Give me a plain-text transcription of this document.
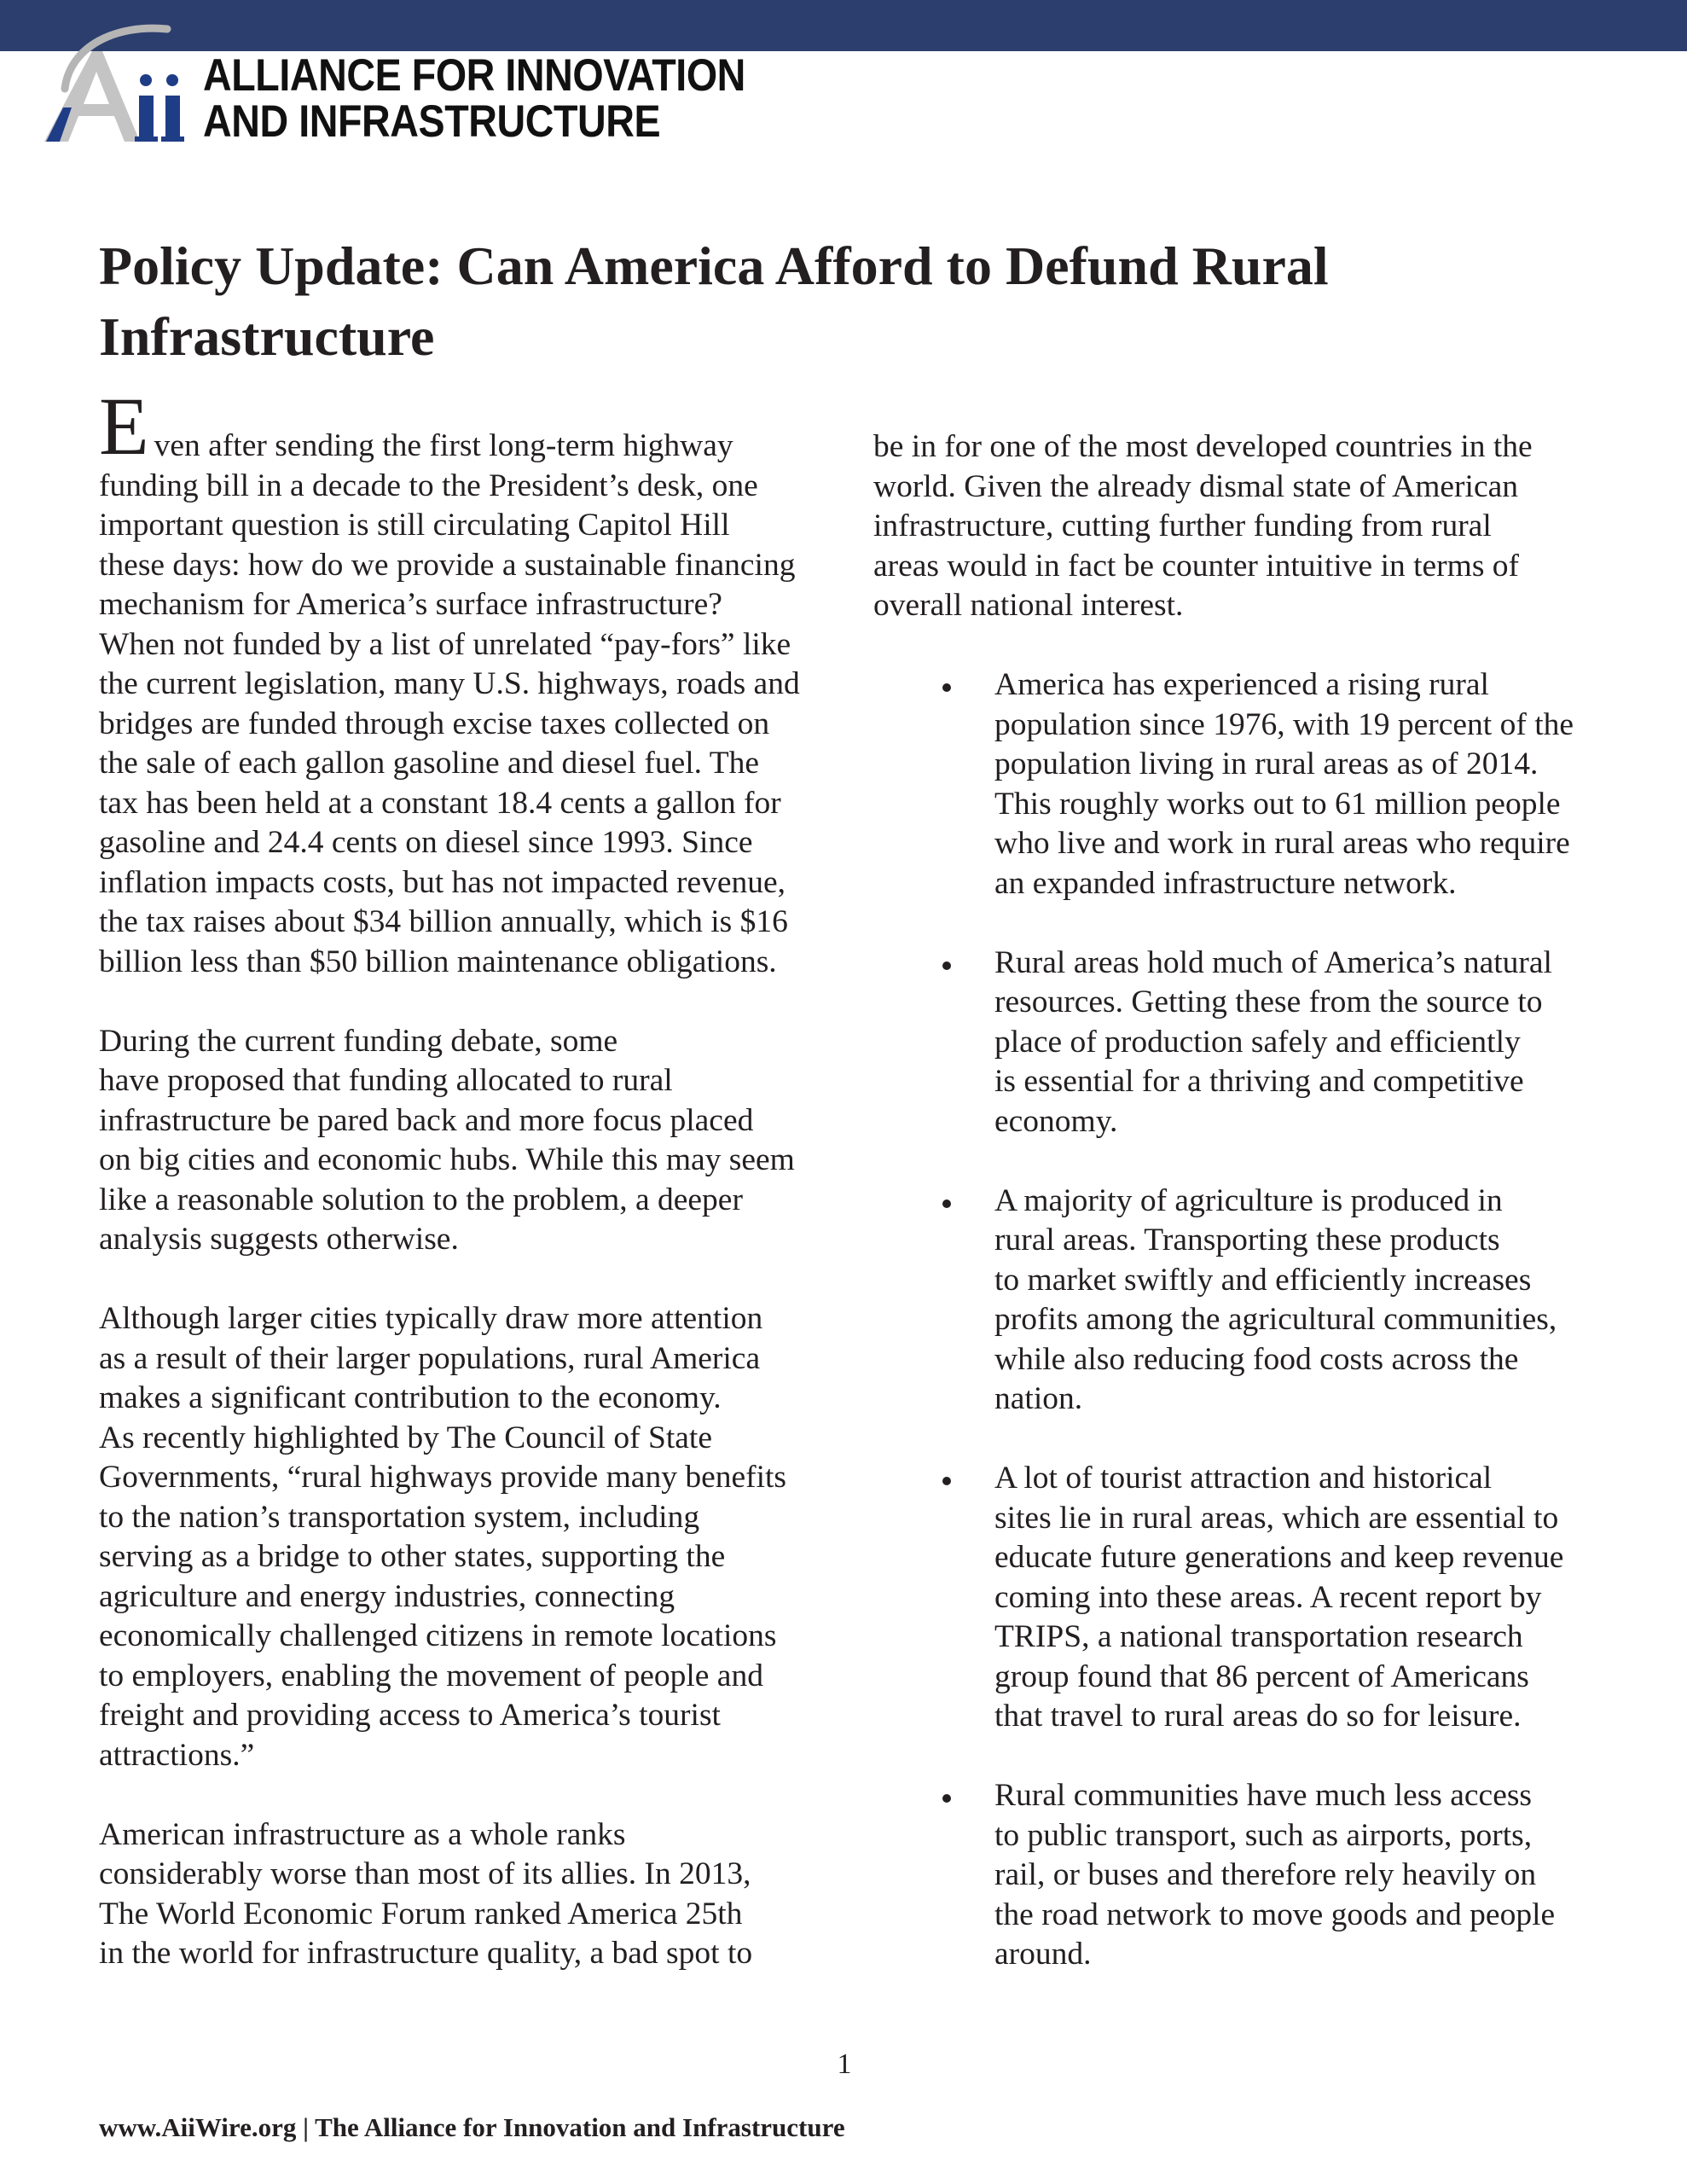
ALLIANCE FOR INNOVATION
AND INFRASTRUCTURE
Policy Update: Can America Afford to Defund Rural
Infrastructure
E ven after sending the first long-term highway
funding bill in a decade to the President’s desk, one
important question is still circulating Capitol Hill
these days: how do we provide a sustainable financing
mechanism for America’s surface infrastructure?
When not funded by a list of unrelated “pay-fors” like
the current legislation, many U.S. highways, roads and
bridges are funded through excise taxes collected on
the sale of each gallon gasoline and diesel fuel. The
tax has been held at a constant 18.4 cents a gallon for
gasoline and 24.4 cents on diesel since 1993. Since
inflation impacts costs, but has not impacted revenue,
the tax raises about $34 billion annually, which is $16
billion less than $50 billion maintenance obligations.
During the current funding debate, some
have proposed that funding allocated to rural
infrastructure be pared back and more focus placed
on big cities and economic hubs. While this may seem
like a reasonable solution to the problem, a deeper
analysis suggests otherwise.
Although larger cities typically draw more attention
as a result of their larger populations, rural America
makes a significant contribution to the economy.
As recently highlighted by The Council of State
Governments, “rural highways provide many benefits
to the nation’s transportation system, including
serving as a bridge to other states, supporting the
agriculture and energy industries, connecting
economically challenged citizens in remote locations
to employers, enabling the movement of people and
freight and providing access to America’s tourist
attractions.”
American infrastructure as a whole ranks
considerably worse than most of its allies. In 2013,
The World Economic Forum ranked America 25th
in the world for infrastructure quality, a bad spot to
be in for one of the most developed countries in the
world. Given the already dismal state of American
infrastructure, cutting further funding from rural
areas would in fact be counter intuitive in terms of
overall national interest.
America has experienced a rising rural
population since 1976, with 19 percent of the
population living in rural areas as of 2014.
This roughly works out to 61 million people
who live and work in rural areas who require
an expanded infrastructure network.
Rural areas hold much of America’s natural
resources. Getting these from the source to
place of production safely and efficiently
is essential for a thriving and competitive
economy.
A majority of agriculture is produced in
rural areas. Transporting these products
to market swiftly and efficiently increases
profits among the agricultural communities,
while also reducing food costs across the
nation.
A lot of tourist attraction and historical
sites lie in rural areas, which are essential to
educate future generations and keep revenue
coming into these areas. A recent report by
TRIPS, a national transportation research
group found that 86 percent of Americans
that travel to rural areas do so for leisure.
Rural communities have much less access
to public transport, such as airports, ports,
rail, or buses and therefore rely heavily on
the road network to move goods and people
around.
1
www.AiiWire.org | The Alliance for Innovation and Infrastructure
